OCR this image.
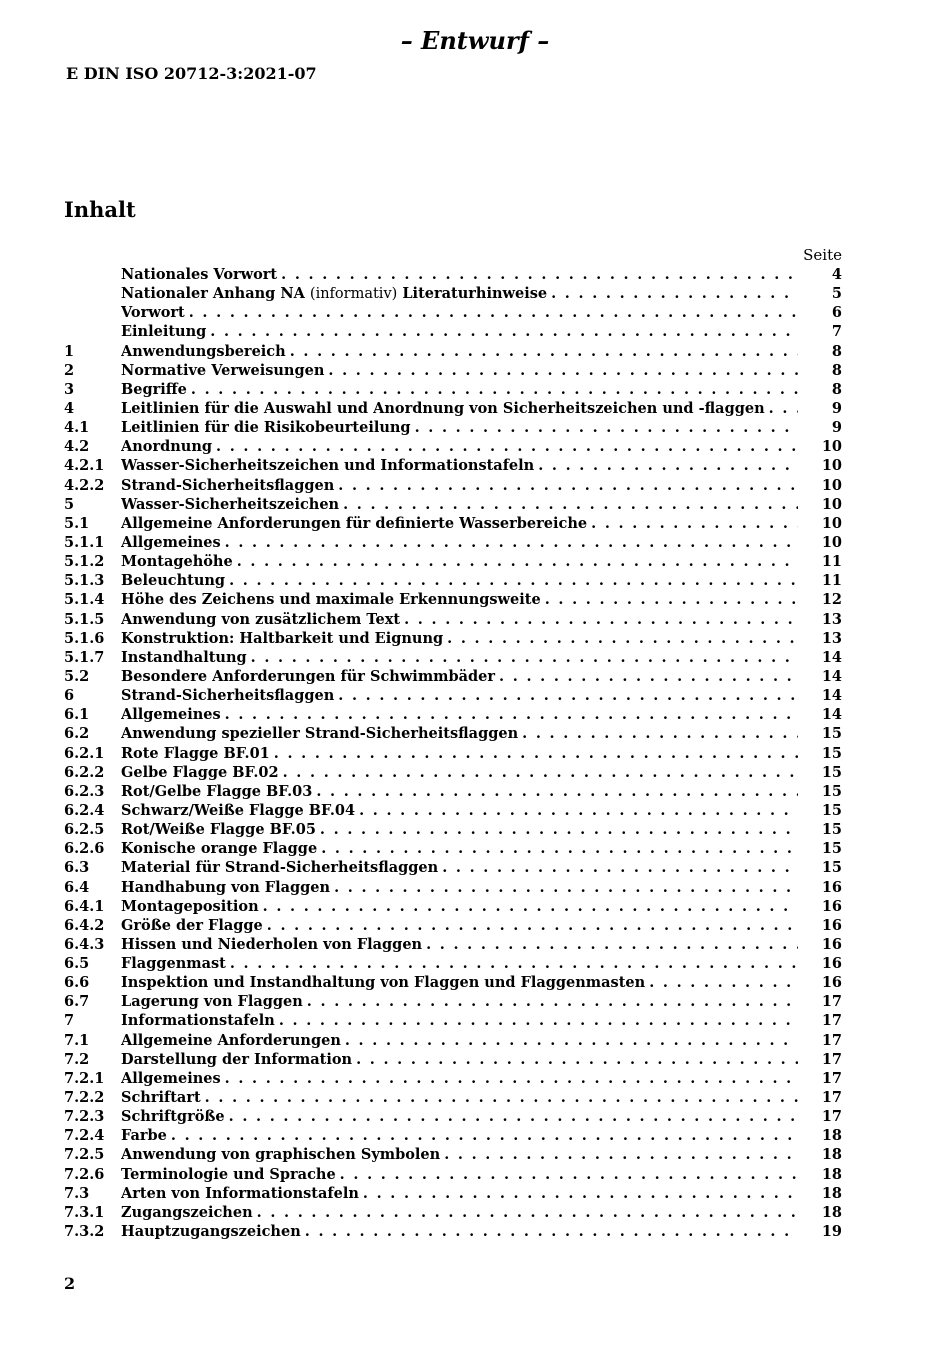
– Entwurf –
E DIN ISO 20712-3:2021-07
Inhalt
Seite
Nationales Vorwort . . .	4
Nationaler Anhang NA (informativ) Literaturhinweise . . .	5
Vorwort . . .	6
Einleitung . . .	7
1	Anwendungsbereich . . .	8
2	Normative Verweisungen . . .	8
3	Begriffe . . .	8
4	Leitlinien für die Auswahl und Anordnung von Sicherheitszeichen und -flaggen . . .	9
4.1	Leitlinien für die Risikobeurteilung . . .	9
4.2	Anordnung . . .	10
4.2.1	Wasser-Sicherheitszeichen und Informationstafeln . . .	10
4.2.2	Strand-Sicherheitsflaggen . . .	10
5	Wasser-Sicherheitszeichen . . .	10
5.1	Allgemeine Anforderungen für definierte Wasserbereiche . . .	10
5.1.1	Allgemeines . . .	10
5.1.2	Montagehöhe . . .	11
5.1.3	Beleuchtung . . .	11
5.1.4	Höhe des Zeichens und maximale Erkennungsweite . . .	12
5.1.5	Anwendung von zusätzlichem Text . . .	13
5.1.6	Konstruktion: Haltbarkeit und Eignung . . .	13
5.1.7	Instandhaltung . . .	14
5.2	Besondere Anforderungen für Schwimmbäder . . .	14
6	Strand-Sicherheitsflaggen . . .	14
6.1	Allgemeines . . .	14
6.2	Anwendung spezieller Strand-Sicherheitsflaggen . . .	15
6.2.1	Rote Flagge BF.01 . . .	15
6.2.2	Gelbe Flagge BF.02 . . .	15
6.2.3	Rot/Gelbe Flagge BF.03 . . .	15
6.2.4	Schwarz/Weiße Flagge BF.04 . . .	15
6.2.5	Rot/Weiße Flagge BF.05 . . .	15
6.2.6	Konische orange Flagge . . .	15
6.3	Material für Strand-Sicherheitsflaggen . . .	15
6.4	Handhabung von Flaggen . . .	16
6.4.1	Montageposition . . .	16
6.4.2	Größe der Flagge . . .	16
6.4.3	Hissen und Niederholen von Flaggen . . .	16
6.5	Flaggenmast . . .	16
6.6	Inspektion und Instandhaltung von Flaggen und Flaggenmasten . . .	16
6.7	Lagerung von Flaggen . . .	17
7	Informationstafeln . . .	17
7.1	Allgemeine Anforderungen . . .	17
7.2	Darstellung der Information . . .	17
7.2.1	Allgemeines . . .	17
7.2.2	Schriftart . . .	17
7.2.3	Schriftgröße . . .	17
7.2.4	Farbe . . .	18
7.2.5	Anwendung von graphischen Symbolen . . .	18
7.2.6	Terminologie und Sprache . . .	18
7.3	Arten von Informationstafeln . . .	18
7.3.1	Zugangszeichen . . .	18
7.3.2	Hauptzugangszeichen . . .	19
2
